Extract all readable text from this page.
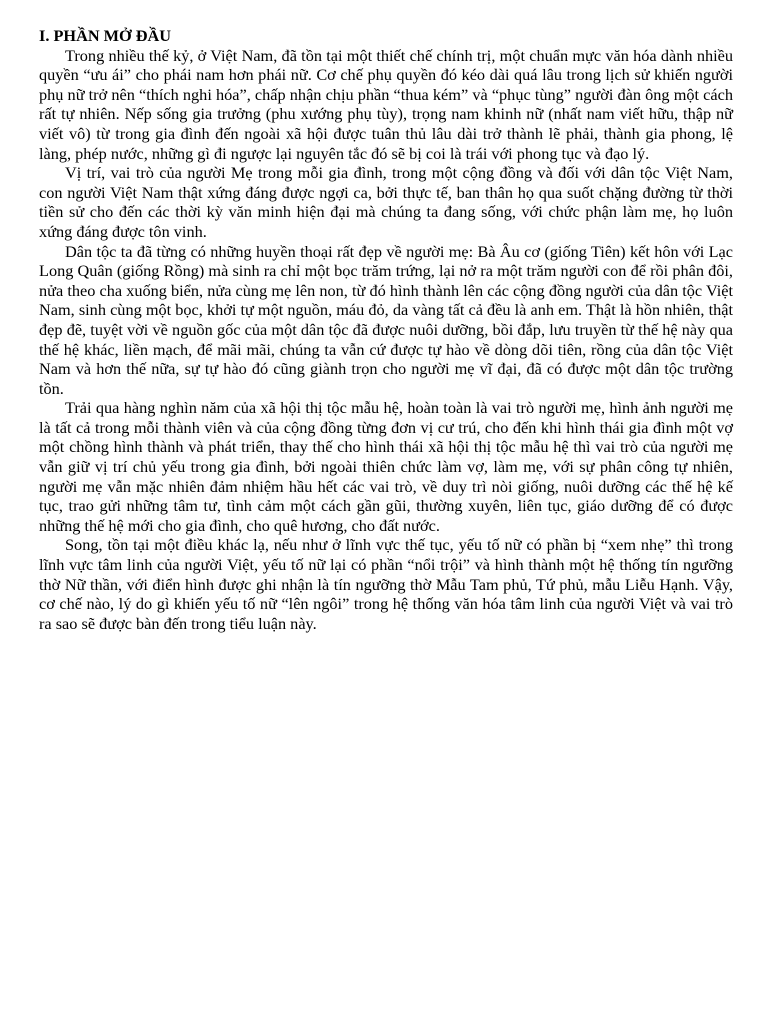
I. PHẦN MỞ ĐẦU

Trong nhiều thế kỷ, ở Việt Nam, đã tồn tại một thiết chế chính trị, một chuẩn mực văn hóa dành nhiều quyền “ưu ái” cho phái nam hơn phái nữ. Cơ chế phụ quyền đó kéo dài quá lâu trong lịch sử khiến người phụ nữ trở nên “thích nghi hóa”, chấp nhận chịu phần “thua kém” và “phục tùng” người đàn ông một cách rất tự nhiên. Nếp sống gia trưởng (phu xướng phụ tùy), trọng nam khinh nữ (nhất nam viết hữu, thập nữ viết vô) từ trong gia đình đến ngoài xã hội được tuân thủ lâu dài trở thành lẽ phải, thành gia phong, lệ làng, phép nước, những gì đi ngược lại nguyên tắc đó sẽ bị coi là trái với phong tục và đạo lý.

Vị trí, vai trò của người Mẹ trong mỗi gia đình, trong một cộng đồng và đối với dân tộc Việt Nam, con người Việt Nam thật xứng đáng được ngợi ca, bởi thực tế, ban thân họ qua suốt chặng đường từ thời tiền sử cho đến các thời kỳ văn minh hiện đại mà chúng ta đang sống, với chức phận làm mẹ, họ luôn xứng đáng được tôn vinh.

Dân tộc ta đã từng có những huyền thoại rất đẹp về người mẹ: Bà Âu cơ (giống Tiên) kết hôn với Lạc Long Quân (giống Rồng) mà sinh ra chỉ một bọc trăm trứng, lại nở ra một trăm người con để rồi phân đôi, nửa theo cha xuống biển, nửa cùng mẹ lên non, từ đó hình thành lên các cộng đồng người của dân tộc Việt Nam, sinh cùng một bọc, khởi tự một nguồn, máu đỏ, da vàng tất cả đều là anh em. Thật là hồn nhiên, thật đẹp đẽ, tuyệt vời về nguồn gốc của một dân tộc đã được nuôi dưỡng, bồi đắp, lưu truyền từ thế hệ này qua thế hệ khác, liền mạch, để mãi mãi, chúng ta vẫn cứ được tự hào về dòng dõi tiên, rồng của dân tộc Việt Nam và hơn thế nữa, sự tự hào đó cũng giành trọn cho người mẹ vĩ đại, đã có được một dân tộc trường tồn.

Trải qua hàng nghìn năm của xã hội thị tộc mẫu hệ, hoàn toàn là vai trò người mẹ, hình ảnh người mẹ là tất cả trong mỗi thành viên và của cộng đồng từng đơn vị cư trú, cho đến khi hình thái gia đình một vợ một chồng hình thành và phát triển, thay thế cho hình thái xã hội thị tộc mẫu hệ thì vai trò của người mẹ vẫn giữ vị trí chủ yếu trong gia đình, bởi ngoài thiên chức làm vợ, làm mẹ, với sự phân công tự nhiên, người mẹ vẫn mặc nhiên đảm nhiệm hầu hết các vai trò, về duy trì nòi giống, nuôi dưỡng các thế hệ kế tục, trao gửi những tâm tư, tình cảm một cách gần gũi, thường xuyên, liên tục, giáo dưỡng để có được những thế hệ mới cho gia đình, cho quê hương, cho đất nước.

Song, tồn tại một điều khác lạ, nếu như ở lĩnh vực thế tục, yếu tố nữ có phần bị “xem nhẹ” thì trong lĩnh vực tâm linh của người Việt, yếu tố nữ lại có phần “nổi trội” và hình thành một hệ thống tín ngưỡng thờ Nữ thần, với điển hình được ghi nhận là tín ngưỡng thờ Mẫu Tam phủ, Tứ phủ, mẫu Liễu Hạnh. Vậy, cơ chế nào, lý do gì khiến yếu tố nữ “lên ngôi” trong hệ thống văn hóa tâm linh của người Việt và vai trò ra sao sẽ được bàn đến trong tiểu luận này.
